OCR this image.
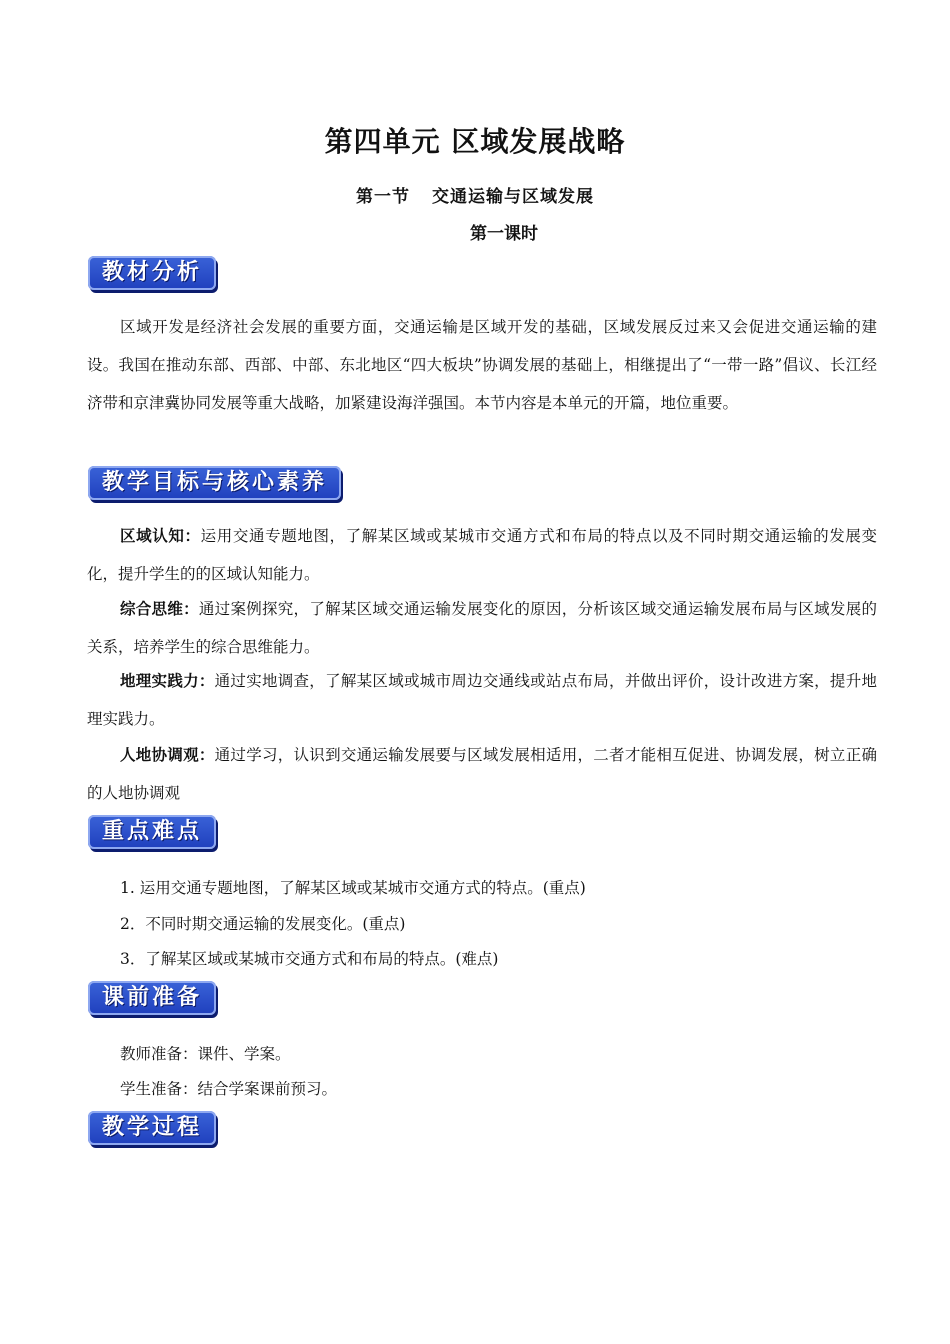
第四单元 区域发展战略
第一节 交通运输与区域发展
第一课时
教材分析
区域开发是经济社会发展的重要方面，交通运输是区域开发的基础，区域发展反过来又会促进交通运输的建设。我国在推动东部、西部、中部、东北地区“四大板块”协调发展的基础上，相继提出了“一带一路”倡议、长江经济带和京津冀协同发展等重大战略，加紧建设海洋强国。本节内容是本单元的开篇，地位重要。
教学目标与核心素养
区域认知：运用交通专题地图，了解某区域或某城市交通方式和布局的特点以及不同时期交通运输的发展变化，提升学生的的区域认知能力。
综合思维：通过案例探究，了解某区域交通运输发展变化的原因，分析该区域交通运输发展布局与区域发展的关系，培养学生的综合思维能力。
地理实践力：通过实地调查，了解某区域或城市周边交通线或站点布局，并做出评价，设计改进方案，提升地理实践力。
人地协调观：通过学习，认识到交通运输发展要与区域发展相适用，二者才能相互促进、协调发展，树立正确的人地协调观
重点难点
1. 运用交通专题地图，了解某区域或某城市交通方式的特点。(重点)
2．不同时期交通运输的发展变化。(重点)
3．了解某区域或某城市交通方式和布局的特点。(难点)
课前准备
教师准备：课件、学案。
学生准备：结合学案课前预习。
教学过程
